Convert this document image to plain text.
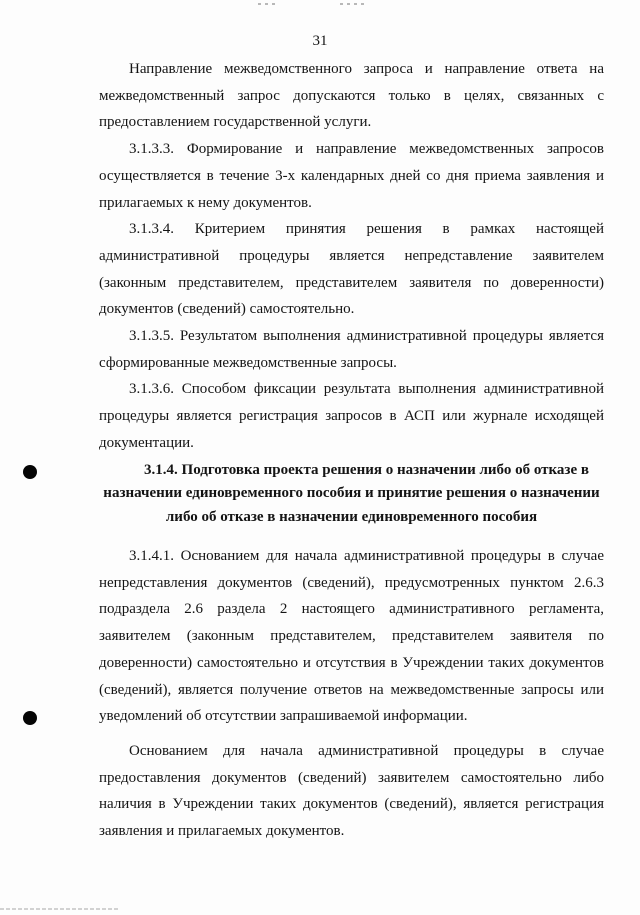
31

Направление межведомственного запроса и направление ответа на межведомственный запрос допускаются только в целях, связанных с предоставлением государственной услуги.

3.1.3.3. Формирование и направление межведомственных запросов осуществляется в течение 3-х календарных дней со дня приема заявления и прилагаемых к нему документов.

3.1.3.4. Критерием принятия решения в рамках настоящей административной процедуры является непредставление заявителем (законным представителем, представителем заявителя по доверенности) документов (сведений) самостоятельно.

3.1.3.5. Результатом выполнения административной процедуры является сформированные межведомственные запросы.

3.1.3.6. Способом фиксации результата выполнения административной процедуры является регистрация запросов в АСП или журнале исходящей документации.

3.1.4. Подготовка проекта решения о назначении либо об отказе в назначении единовременного пособия и принятие решения о назначении либо об отказе в назначении единовременного пособия

3.1.4.1. Основанием для начала административной процедуры в случае непредставления документов (сведений), предусмотренных пунктом 2.6.3 подраздела 2.6 раздела 2 настоящего административного регламента, заявителем (законным представителем, представителем заявителя по доверенности) самостоятельно и отсутствия в Учреждении таких документов (сведений), является получение ответов на межведомственные запросы или уведомлений об отсутствии запрашиваемой информации.

Основанием для начала административной процедуры в случае предоставления документов (сведений) заявителем самостоятельно либо наличия в Учреждении таких документов (сведений), является регистрация заявления и прилагаемых документов.
